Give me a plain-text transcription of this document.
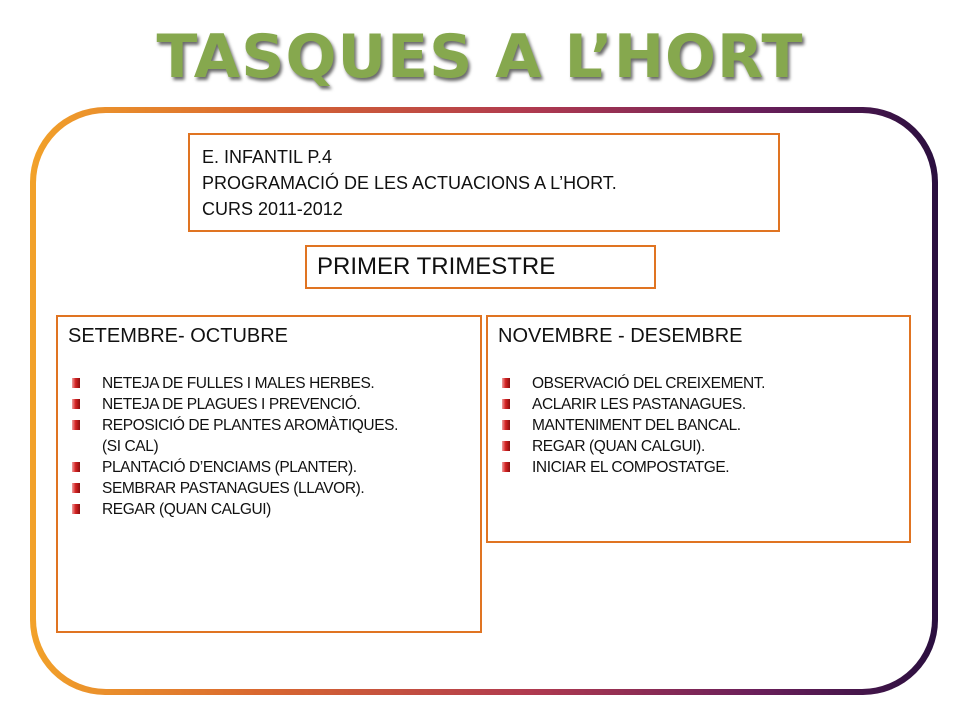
TASQUES A L’HORT
E. INFANTIL P.4
PROGRAMACIÓ DE LES ACTUACIONS A L’HORT.
CURS 2011-2012
PRIMER TRIMESTRE
SETEMBRE- OCTUBRE
NETEJA DE FULLES I MALES HERBES.
NETEJA DE PLAGUES I PREVENCIÓ.
REPOSICIÓ DE PLANTES AROMÀTIQUES.
(SI CAL)
PLANTACIÓ D’ENCIAMS (PLANTER).
SEMBRAR PASTANAGUES (LLAVOR).
REGAR (QUAN CALGUI)
NOVEMBRE - DESEMBRE
OBSERVACIÓ DEL CREIXEMENT.
ACLARIR LES PASTANAGUES.
MANTENIMENT DEL BANCAL.
REGAR (QUAN CALGUI).
INICIAR EL COMPOSTATGE.
